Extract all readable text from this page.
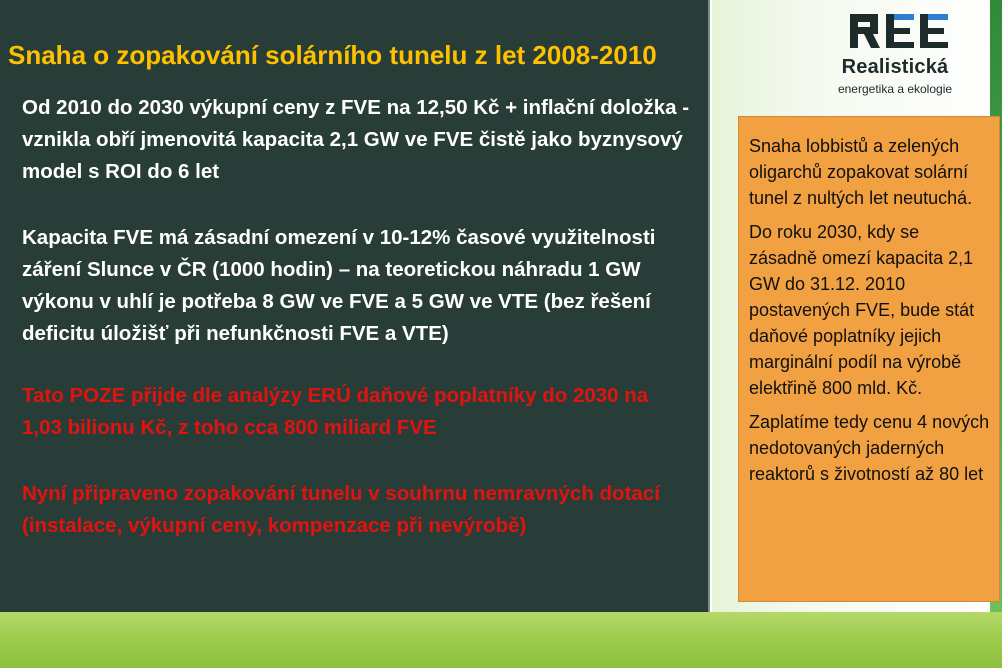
Snaha o zopakování solárního tunelu z let 2008-2010
Od 2010 do 2030 výkupní ceny z FVE na 12,50 Kč + inflační doložka - vznikla obří jmenovitá kapacita 2,1 GW ve FVE čistě jako byznysový model s ROI do 6 let
Kapacita FVE má zásadní omezení v 10-12% časové využitelnosti záření Slunce v ČR (1000 hodin) – na teoretickou náhradu 1 GW výkonu v uhlí je potřeba 8 GW ve FVE a 5 GW ve VTE (bez řešení deficitu úložišť při nefunkčnosti FVE a VTE)
Tato POZE přijde dle analýzy ERÚ daňové poplatníky do 2030 na 1,03 bilionu Kč, z toho cca 800 miliard FVE
Nyní připraveno zopakování tunelu v souhrnu nemravných dotací (instalace, výkupní ceny, kompenzace při nevýrobě)
Realistická
energetika a ekologie

Snaha lobbistů a zelených oligarchů zopakovat solární tunel z nultých let neutuchá.

Do roku 2030, kdy se zásadně omezí kapacita 2,1 GW do 31.12. 2010 postavených FVE, bude stát daňové poplatníky jejich marginální podíl na výrobě elektřině 800 mld. Kč.

Zaplatíme tedy cenu 4 nových nedotovaných jaderných reaktorů s životností až 80 let
